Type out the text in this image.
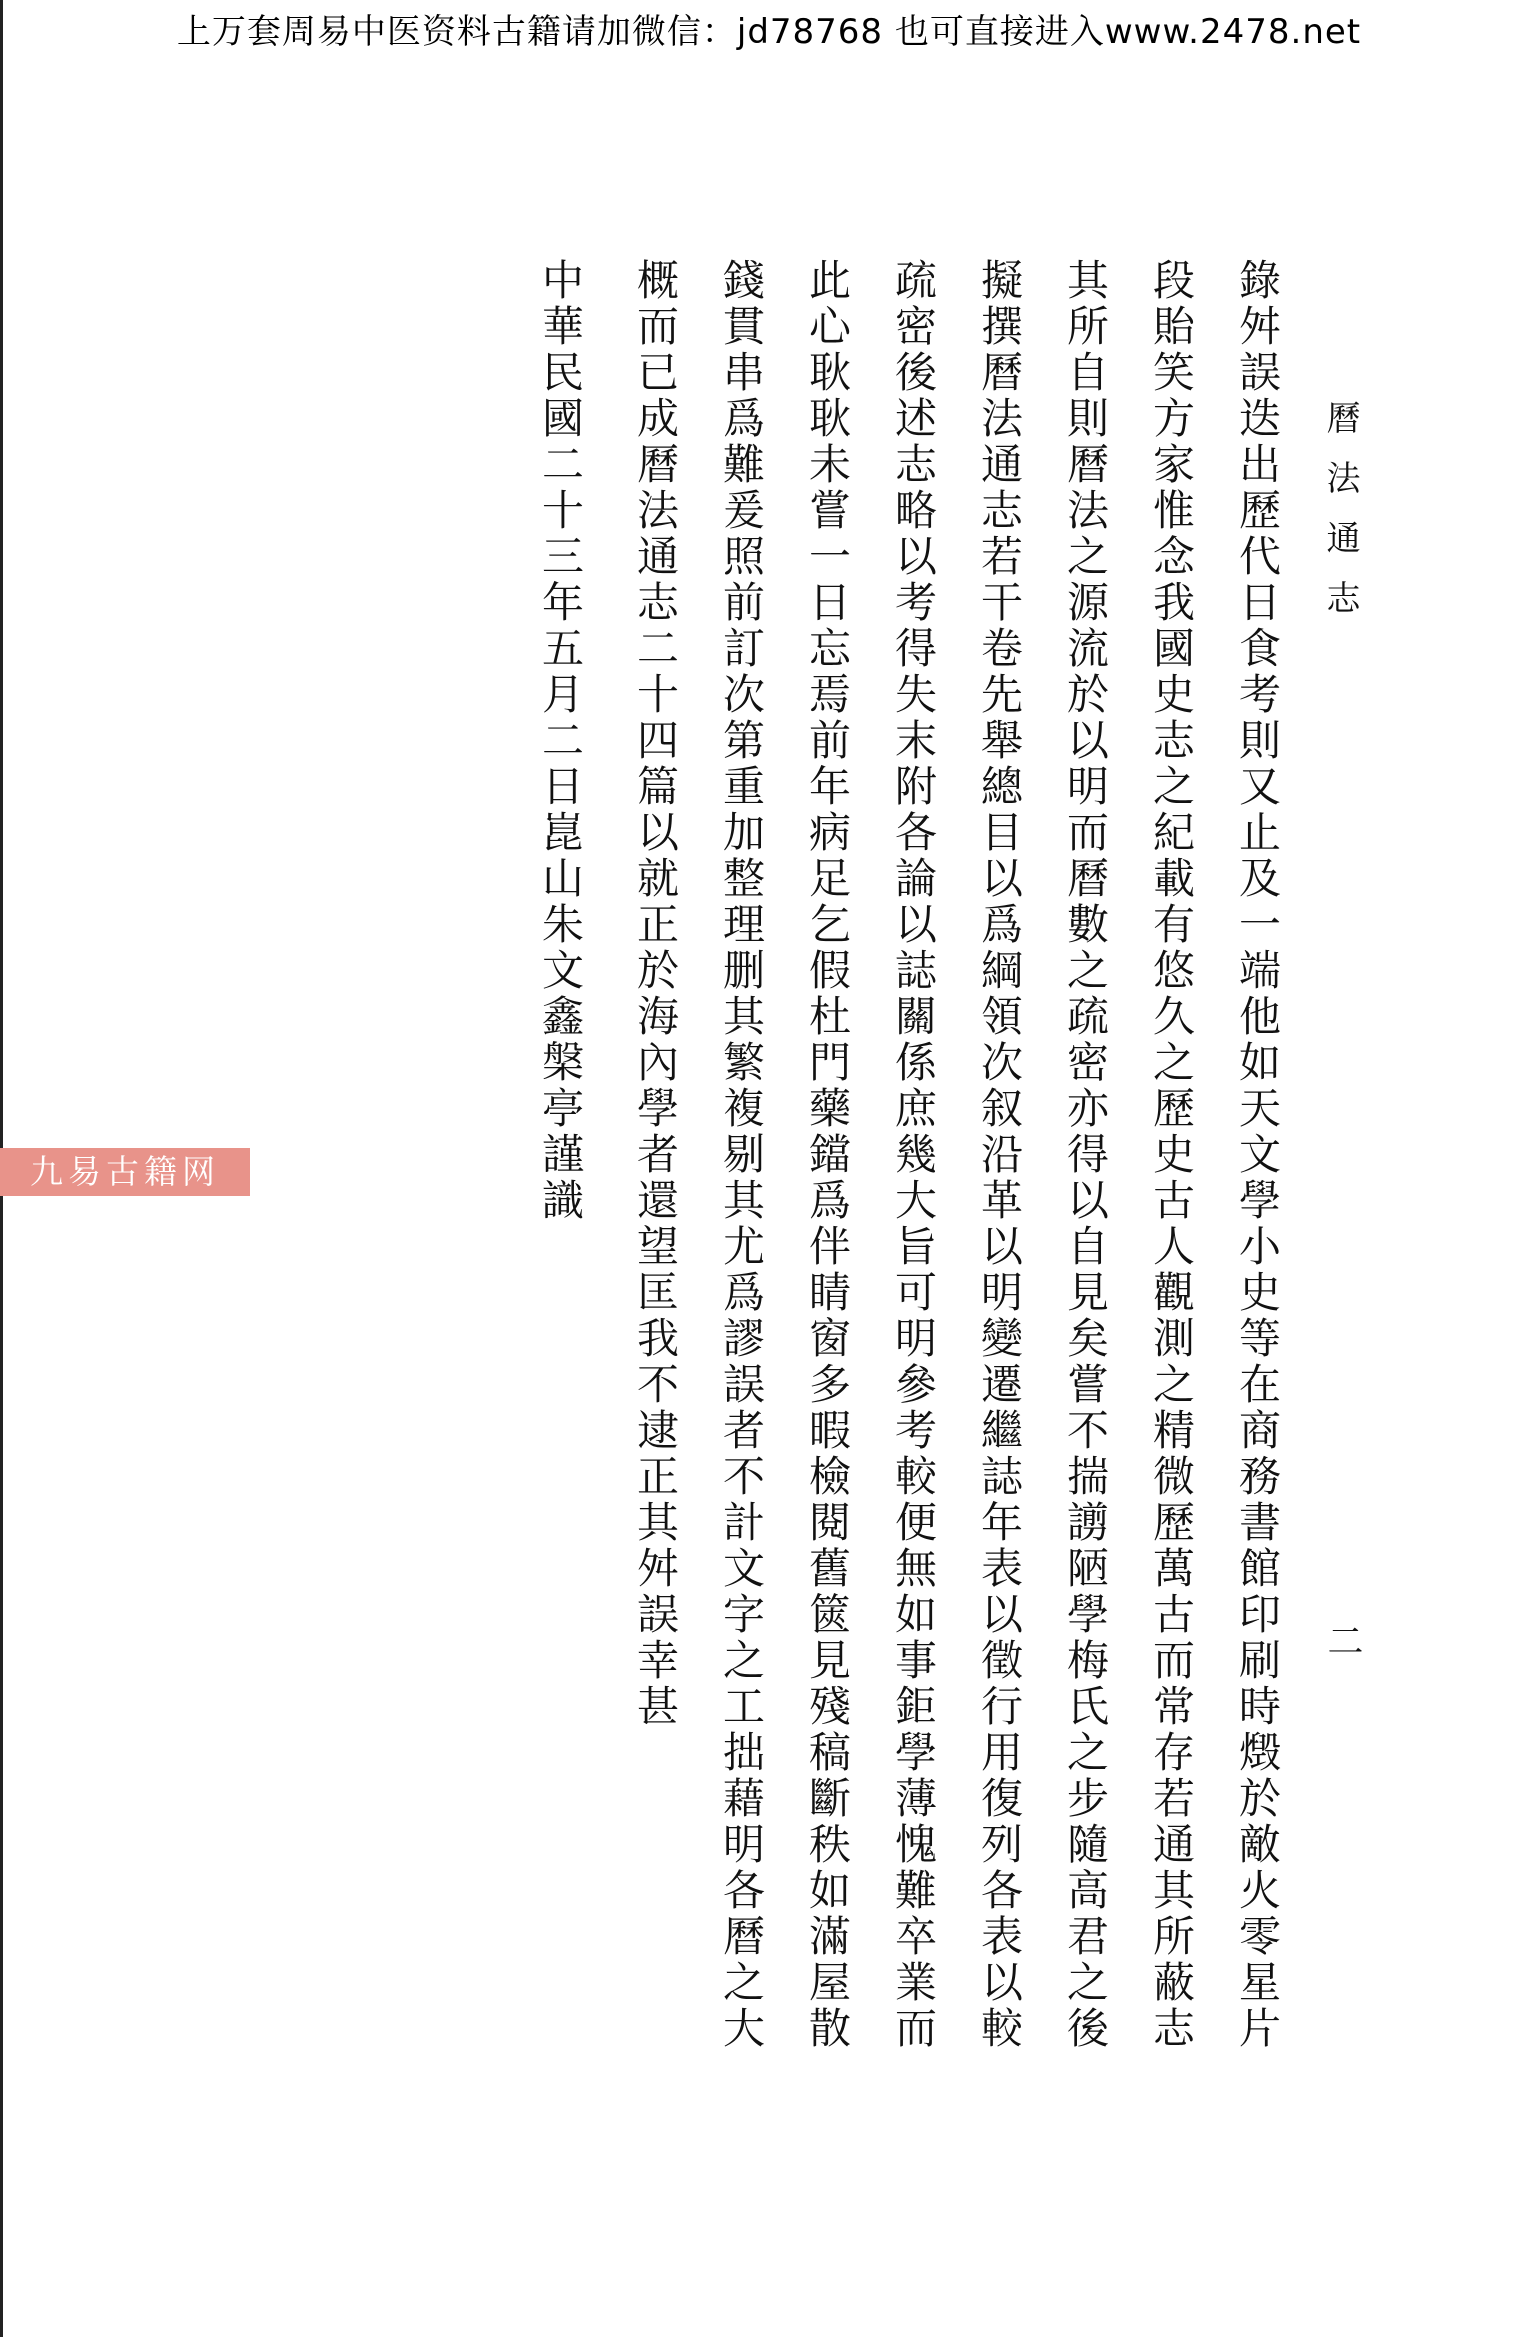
上万套周易中医资料古籍请加微信：jd78768 也可直接进入www.2478.net
曆法通志
二
錄舛誤迭出歷代日食考則又止及一端他如天文學小史等在商務書館印刷時燬於敵火零星片
段貽笑方家惟念我國史志之紀載有悠久之歷史古人觀測之精微歷萬古而常存若通其所蔽志
其所自則曆法之源流於以明而曆數之疏密亦得以自見矣嘗不揣謭陋學梅氏之步隨高君之後
擬撰曆法通志若干卷先舉總目以爲綱領次叙沿革以明變遷繼誌年表以徵行用復列各表以較
疏密後述志略以考得失末附各論以誌關係庶幾大旨可明參考較便無如事鉅學薄愧難卒業而
此心耿耿未嘗一日忘焉前年病足乞假杜門藥鐺爲伴睛窗多暇檢閱舊篋見殘稿斷秩如滿屋散
錢貫串爲難爰照前訂次第重加整理删其繁複剔其尤爲謬誤者不計文字之工拙藉明各曆之大
概而已成曆法通志二十四篇以就正於海內學者還望匡我不逮正其舛誤幸甚
中華民國二十三年五月二日崑山朱文鑫槃亭謹識
九易古籍网
